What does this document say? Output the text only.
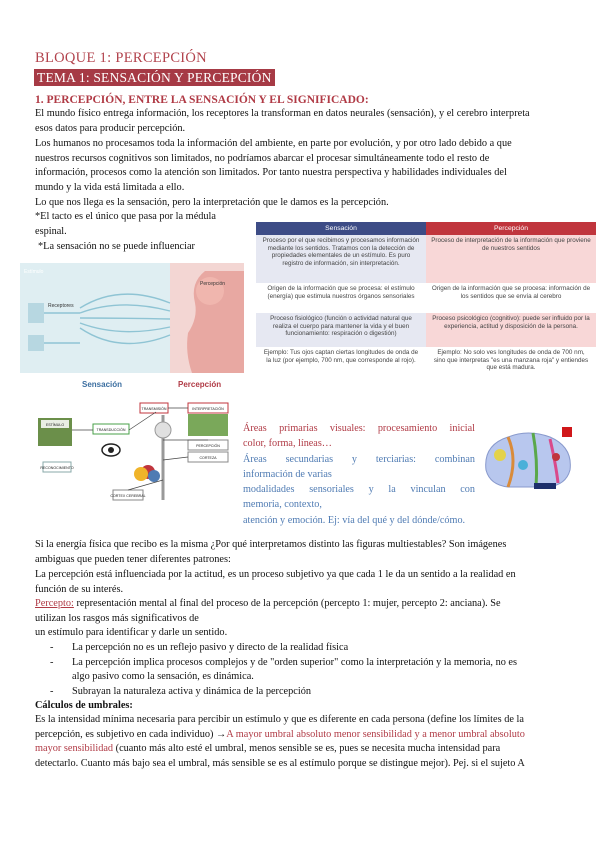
BLOQUE 1: PERCEPCIÓN
TEMA 1: SENSACIÓN Y PERCEPCIÓN
1. PERCEPCIÓN, ENTRE LA SENSACIÓN Y EL SIGNIFICADO:
El mundo físico entrega información, los receptores la transforman en datos neurales (sensación), y el cerebro interpreta
esos datos para producir percepción.
Los humanos no procesamos toda la información del ambiente, en parte por evolución, y por otro lado debido a que
nuestros recursos cognitivos son limitados, no podríamos abarcar el procesar simultáneamente todo el resto de
información, procesos como la atención son limitados. Por tanto nuestra perspectiva y habilidades individuales del
mundo y la vida está limitada a ello.
Lo que nos llega es la sensación, pero la interpretación que le damos es la percepción.
*El tacto es el único que pasa por la médula
espinal.
*La sensación no se puede influenciar
Estímulo
Receptores
Percepción
Sensación	Percepción
Sensación	Percepción
Proceso por el que recibimos y procesamos información mediante los sentidos. Tratamos con la detección de propiedades elementales de un estímulo. Es puro registro de información, sin interpretación.	Proceso de interpretación de la información que proviene de nuestros sentidos
Origen de la información que se procesa: el estímulo (energía) que estimula nuestros órganos sensoriales	Origen de la información que se procesa: información de los sentidos que se envía al cerebro
Proceso fisiológico (función o actividad natural que realiza el cuerpo para mantener la vida y el buen funcionamiento: respiración o digestión)	Proceso psicológico (cognitivo): puede ser influido por la experiencia, actitud y disposición de la persona.
Ejemplo: Tus ojos captan ciertas longitudes de onda de la luz (por ejemplo, 700 nm, que corresponde al rojo).	Ejemplo: No solo ves longitudes de onda de 700 nm, sino que interpretas "es una manzana roja" y entiendes que está madura.
ESTÍMULO
TRANSDUCCIÓN
TRANSMISIÓN	INTERPRETACIÓN
RECONOCIMIENTO
CORTEX CEREBRAL
PERCEPCIÓN
CORTEZA
Áreas primarias visuales: procesamiento inicial
color, forma, líneas…
Áreas secundarias y terciarias: combinan
información de varias
modalidades sensoriales y la vinculan con
memoria, contexto,
atención y emoción. Ej: vía del qué y del dónde/cómo.
Si la energía física que recibo es la misma ¿Por qué interpretamos distinto las figuras multiestables? Son imágenes
ambiguas que pueden tener diferentes patrones:
La percepción está influenciada por la actitud, es un proceso subjetivo ya que cada 1 le da un sentido a la realidad en
función de su interés.
Percepto: representación mental al final del proceso de la percepción (percepto 1: mujer, percepto 2: anciana). Se
utilizan los rasgos más significativos de
un estímulo para identificar y darle un sentido.
- La percepción no es un reflejo pasivo y directo de la realidad física
- La percepción implica procesos complejos y de "orden superior" como la interpretación y la memoria, no es
algo pasivo como la sensación, es dinámica.
- Subrayan la naturaleza activa y dinámica de la percepción
Cálculos de umbrales:
Es la intensidad mínima necesaria para percibir un estímulo y que es diferente en cada persona (define los límites de la
percepción, es subjetivo en cada individuo) →A mayor umbral absoluto menor sensibilidad y a menor umbral absoluto
mayor sensibilidad (cuanto más alto esté el umbral, menos sensible se es, pues se necesita mucha intensidad para
detectarlo. Cuanto más bajo sea el umbral, más sensible se es al estímulo porque se distingue mejor). Pej. si el sujeto A
